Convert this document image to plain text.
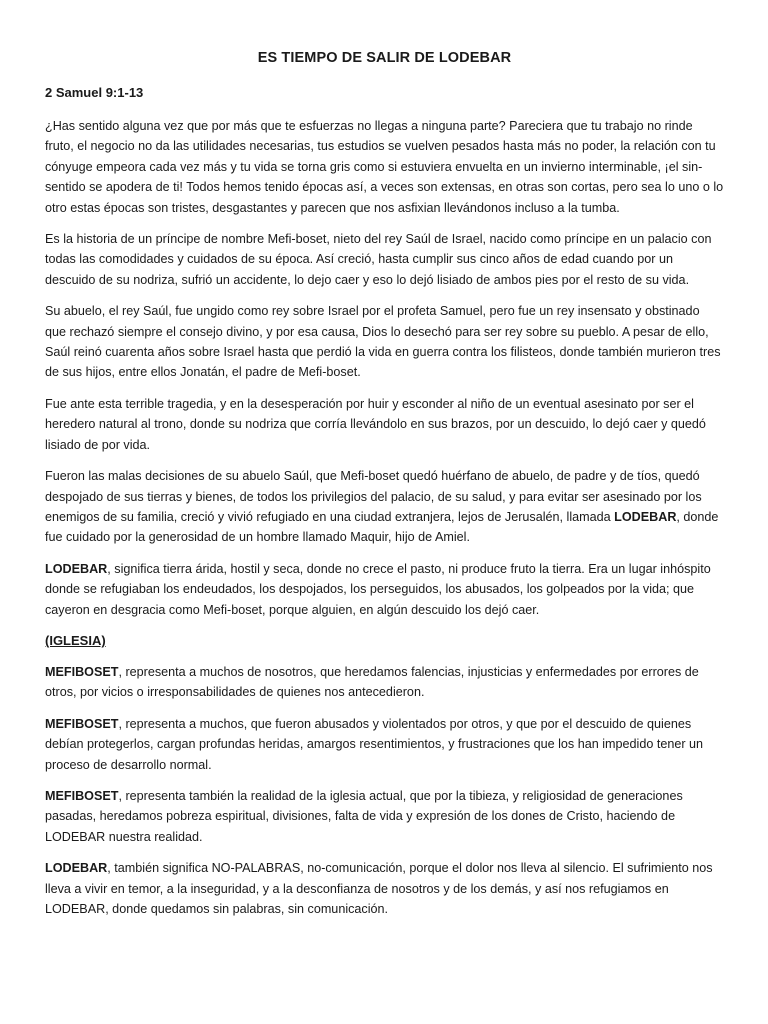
ES TIEMPO DE SALIR DE LODEBAR
2 Samuel 9:1-13

¿Has sentido alguna vez que por más que te esfuerzas no llegas a ninguna parte? Pareciera que tu trabajo no rinde fruto, el negocio no da las utilidades necesarias, tus estudios se vuelven pesados hasta más no poder, la relación con tu cónyuge empeora cada vez más y tu vida se torna gris como si estuviera envuelta en un invierno interminable, ¡el sin-sentido se apodera de ti! Todos hemos tenido épocas así, a veces son extensas, en otras son cortas, pero sea lo uno o lo otro estas épocas son tristes, desgastantes y parecen que nos asfixian llevándonos incluso a la tumba.

Es la historia de un príncipe de nombre Mefi-boset, nieto del rey Saúl de Israel, nacido como príncipe en un palacio con todas las comodidades y cuidados de su época. Así creció, hasta cumplir sus cinco años de edad cuando por un descuido de su nodriza, sufrió un accidente, lo dejo caer y eso lo dejó lisiado de ambos pies por el resto de su vida.

Su abuelo, el rey Saúl, fue ungido como rey sobre Israel por el profeta Samuel, pero fue un rey insensato y obstinado que rechazó siempre el consejo divino, y por esa causa, Dios lo desechó para ser rey sobre su pueblo. A pesar de ello, Saúl reinó cuarenta años sobre Israel hasta que perdió la vida en guerra contra los filisteos, donde también murieron tres de sus hijos, entre ellos Jonatán, el padre de Mefi-boset.

Fue ante esta terrible tragedia, y en la desesperación por huir y esconder al niño de un eventual asesinato por ser el heredero natural al trono, donde su nodriza que corría llevándolo en sus brazos, por un descuido, lo dejó caer y quedó lisiado de por vida.

Fueron las malas decisiones de su abuelo Saúl, que Mefi-boset quedó huérfano de abuelo, de padre y de tíos, quedó despojado de sus tierras y bienes, de todos los privilegios del palacio, de su salud, y para evitar ser asesinado por los enemigos de su familia, creció y vivió refugiado en una ciudad extranjera, lejos de Jerusalén, llamada LODEBAR, donde fue cuidado por la generosidad de un hombre llamado Maquir, hijo de Amiel.

LODEBAR, significa tierra árida, hostil y seca, donde no crece el pasto, ni produce fruto la tierra. Era un lugar inhóspito donde se refugiaban los endeudados, los despojados, los perseguidos, los abusados, los golpeados por la vida; que cayeron en desgracia como Mefi-boset, porque alguien, en algún descuido los dejó caer.

(IGLESIA)

MEFIBOSET, representa a muchos de nosotros, que heredamos falencias, injusticias y enfermedades por errores de otros, por vicios o irresponsabilidades de quienes nos antecedieron.

MEFIBOSET, representa a muchos, que fueron abusados y violentados por otros, y que por el descuido de quienes debían protegerlos, cargan profundas heridas, amargos resentimientos, y frustraciones que los han impedido tener un proceso de desarrollo normal.

MEFIBOSET, representa también la realidad de la iglesia actual, que por la tibieza, y religiosidad de generaciones pasadas, heredamos pobreza espiritual, divisiones, falta de vida y expresión de los dones de Cristo, haciendo de LODEBAR nuestra realidad.

LODEBAR, también significa NO-PALABRAS, no-comunicación, porque el dolor nos lleva al silencio. El sufrimiento nos lleva a vivir en temor, a la inseguridad, y a la desconfianza de nosotros y de los demás, y así nos refugiamos en LODEBAR, donde quedamos sin palabras, sin comunicación.
